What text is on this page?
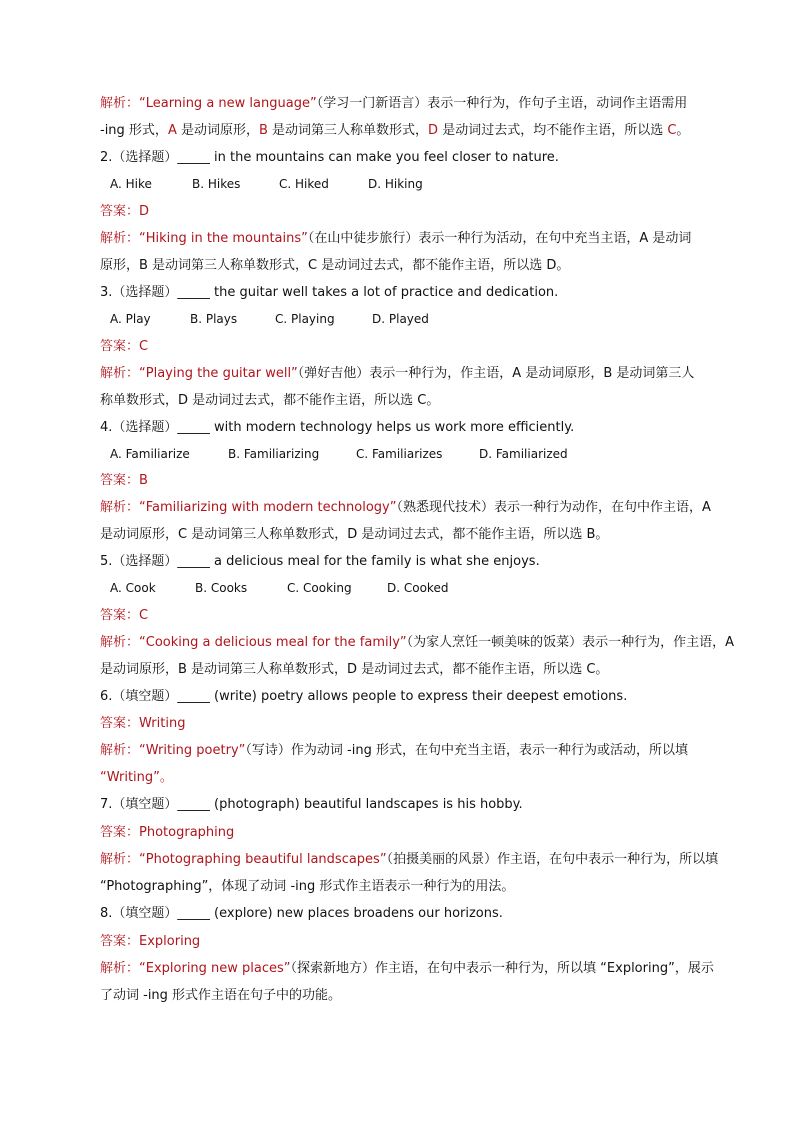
解析：“Learning a new language”（学习一门新语言）表示一种行为，作句子主语，动词作主语需用
-ing 形式，A 是动词原形，B 是动词第三人称单数形式，D 是动词过去式，均不能作主语，所以选 C。
2.（选择题）_____ in the mountains can make you feel closer to nature.
A. Hike	B. Hikes	C. Hiked	D. Hiking
答案：D
解析：“Hiking in the mountains”（在山中徒步旅行）表示一种行为活动，在句中充当主语，A 是动词
原形，B 是动词第三人称单数形式，C 是动词过去式，都不能作主语，所以选 D。
3.（选择题）_____ the guitar well takes a lot of practice and dedication.
A. Play	B. Plays	C. Playing	D. Played
答案：C
解析：“Playing the guitar well”（弹好吉他）表示一种行为，作主语，A 是动词原形，B 是动词第三人
称单数形式，D 是动词过去式，都不能作主语，所以选 C。
4.（选择题）_____ with modern technology helps us work more efficiently.
A. Familiarize	B. Familiarizing	C. Familiarizes	D. Familiarized
答案：B
解析：“Familiarizing with modern technology”（熟悉现代技术）表示一种行为动作，在句中作主语，A
是动词原形，C 是动词第三人称单数形式，D 是动词过去式，都不能作主语，所以选 B。
5.（选择题）_____ a delicious meal for the family is what she enjoys.
A. Cook	B. Cooks	C. Cooking	D. Cooked
答案：C
解析：“Cooking a delicious meal for the family”（为家人烹饪一顿美味的饭菜）表示一种行为，作主语，A
是动词原形，B 是动词第三人称单数形式，D 是动词过去式，都不能作主语，所以选 C。
6.（填空题）_____ (write) poetry allows people to express their deepest emotions.
答案：Writing
解析：“Writing poetry”（写诗）作为动词 -ing 形式，在句中充当主语，表示一种行为或活动，所以填
“Writing”。
7.（填空题）_____ (photograph) beautiful landscapes is his hobby.
答案：Photographing
解析：“Photographing beautiful landscapes”（拍摄美丽的风景）作主语，在句中表示一种行为，所以填
“Photographing”，体现了动词 -ing 形式作主语表示一种行为的用法。
8.（填空题）_____ (explore) new places broadens our horizons.
答案：Exploring
解析：“Exploring new places”（探索新地方）作主语，在句中表示一种行为，所以填 “Exploring”，展示
了动词 -ing 形式作主语在句子中的功能。
